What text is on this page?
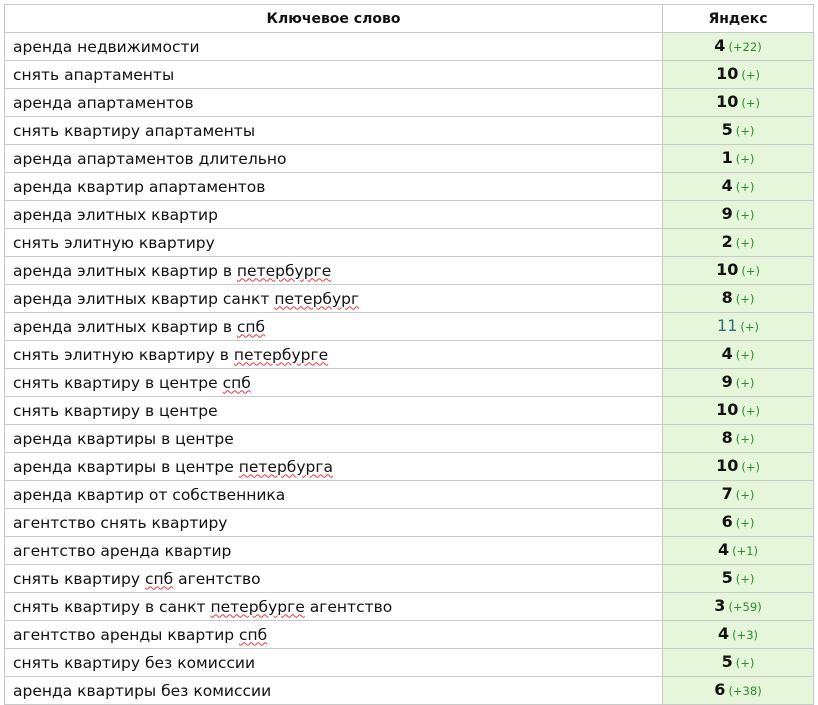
Ключевое слово	Яндекс
аренда недвижимости	4 (+22)
снять апартаменты	10 (+)
аренда апартаментов	10 (+)
снять квартиру апартаменты	5 (+)
аренда апартаментов длительно	1 (+)
аренда квартир апартаментов	4 (+)
аренда элитных квартир	9 (+)
снять элитную квартиру	2 (+)
аренда элитных квартир в петербурге	10 (+)
аренда элитных квартир санкт петербург	8 (+)
аренда элитных квартир в спб	11 (+)
снять элитную квартиру в петербурге	4 (+)
снять квартиру в центре спб	9 (+)
снять квартиру в центре	10 (+)
аренда квартиры в центре	8 (+)
аренда квартиры в центре петербурга	10 (+)
аренда квартир от собственника	7 (+)
агентство снять квартиру	6 (+)
агентство аренда квартир	4 (+1)
снять квартиру спб агентство	5 (+)
снять квартиру в санкт петербурге агентство	3 (+59)
агентство аренды квартир спб	4 (+3)
снять квартиру без комиссии	5 (+)
аренда квартиры без комиссии	6 (+38)
